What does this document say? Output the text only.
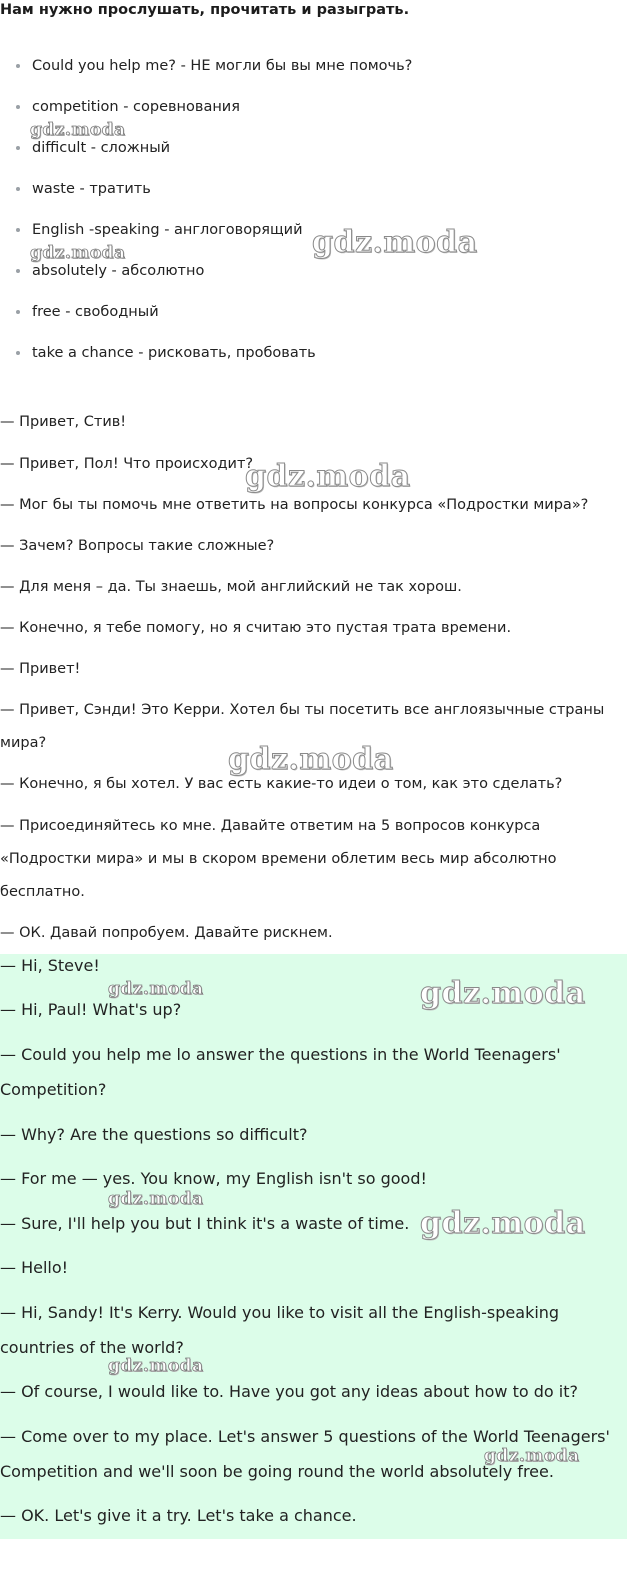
Нам нужно прослушать, прочитать и разыграть.

Could you help me? - НЕ могли бы вы мне помочь?
competition - соревнования
difficult - сложный
waste - тратить
English -speaking - англоговорящий
absolutely - абсолютно
free - свободный
take a chance - рисковать, пробовать
— Привет, Стив!
— Привет, Пол! Что происходит?
— Мог бы ты помочь мне ответить на вопросы конкурса «Подростки мира»?
— Зачем? Вопросы такие сложные?
— Для меня – да. Ты знаешь, мой английский не так хорош.
— Конечно, я тебе помогу, но я считаю это пустая трата времени.
— Привет!
— Привет, Сэнди! Это Керри. Хотел бы ты посетить все англоязычные страны
мира?
— Конечно, я бы хотел. У вас есть какие-то идеи о том, как это сделать?
— Присоединяйтесь ко мне. Давайте ответим на 5 вопросов конкурса
«Подростки мира» и мы в скором времени облетим весь мир абсолютно
бесплатно.
— ОК. Давай попробуем. Давайте рискнем.
— Hi, Steve!
— Hi, Paul! What's up?
— Could you help me lo answer the questions in the World Teenagers'
Competition?
— Why? Are the questions so difficult?
— For me — yes. You know, my English isn't so good!
— Sure, I'll help you but I think it's a waste of time.
— Hello!
— Hi, Sandy! It's Kerry. Would you like to visit all the English-speaking
countries of the world?
— Of course, I would like to. Have you got any ideas about how to do it?
— Come over to my place. Let's answer 5 questions of the World Teenagers'
Competition and we'll soon be going round the world absolutely free.
— OK. Let's give it a try. Let's take a chance.
gdz.moda
gdz.moda	gdz.moda
gdz.moda
gdz.moda
gdz.moda	gdz.moda
gdz.moda
gdz.moda
gdz.moda
gdz.moda
